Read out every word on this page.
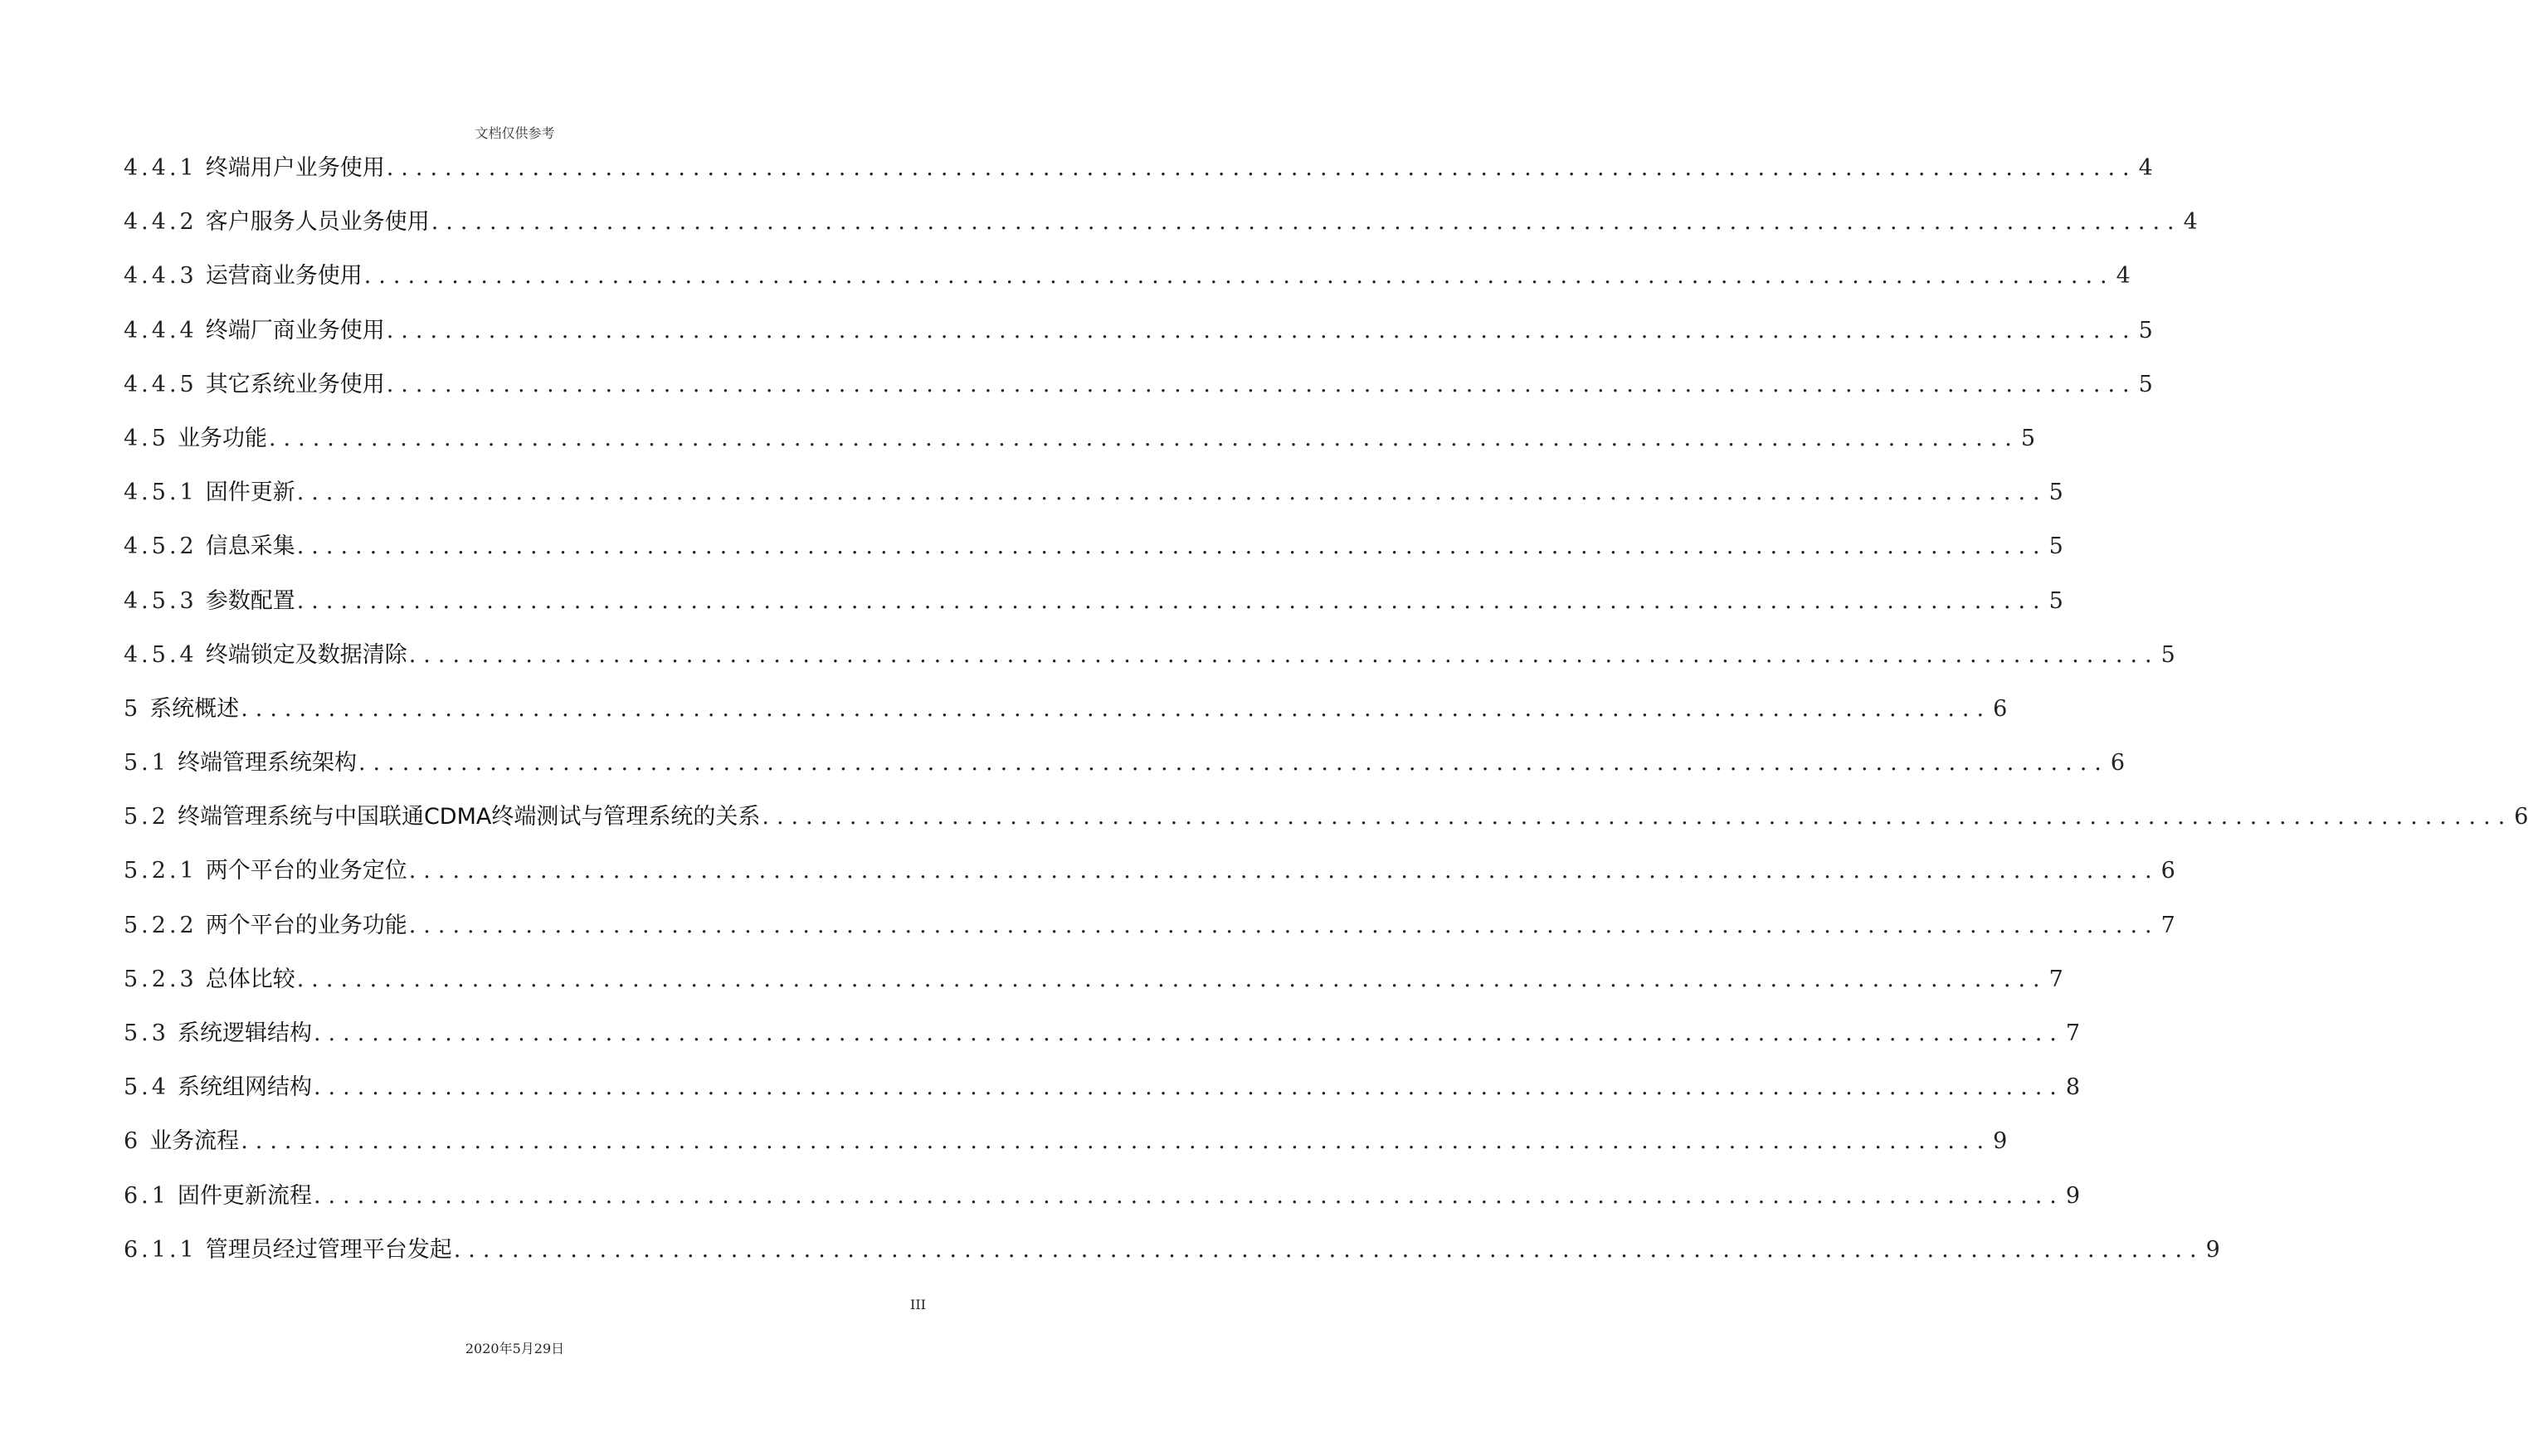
文档仅供参考
4.4.1 终端用户业务使用 ........................................................................................................................ 4
4.4.2 客户服务人员业务使用 ........................................................................................................................ 4
4.4.3 运营商业务使用 ........................................................................................................................ 4
4.4.4 终端厂商业务使用 ........................................................................................................................ 5
4.4.5 其它系统业务使用 ........................................................................................................................ 5
4.5 业务功能 ........................................................................................................................ 5
4.5.1 固件更新 ........................................................................................................................ 5
4.5.2 信息采集 ........................................................................................................................ 5
4.5.3 参数配置 ........................................................................................................................ 5
4.5.4 终端锁定及数据清除 ........................................................................................................................ 5
5 系统概述 ........................................................................................................................ 6
5.1 终端管理系统架构 ........................................................................................................................ 6
5.2 终端管理系统与中国联通CDMA终端测试与管理系统的关系 ........................................................................................................................ 6
5.2.1 两个平台的业务定位 ........................................................................................................................ 6
5.2.2 两个平台的业务功能 ........................................................................................................................ 7
5.2.3 总体比较 ........................................................................................................................ 7
5.3 系统逻辑结构 ........................................................................................................................ 7
5.4 系统组网结构 ........................................................................................................................ 8
6 业务流程 ........................................................................................................................ 9
6.1 固件更新流程 ........................................................................................................................ 9
6.1.1 管理员经过管理平台发起 ........................................................................................................................ 9
III
2020年5月29日
